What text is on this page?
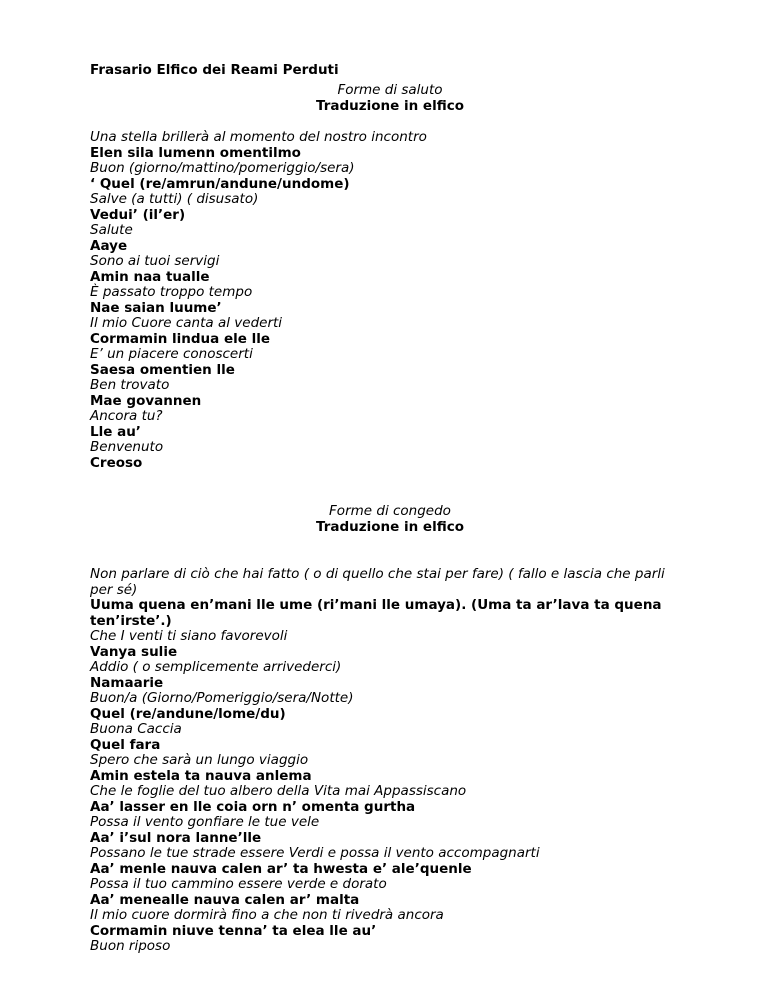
Frasario Elfico dei Reami Perduti
Forme di saluto
Traduzione in elfico
Una stella brillerà al momento del nostro incontro
Elen sila lumenn omentilmo
Buon (giorno/mattino/pomeriggio/sera)
‘ Quel (re/amrun/andune/undome)
Salve (a tutti) ( disusato)
Vedui’ (il’er)
Salute
Aaye
Sono ai tuoi servigi
Amin naa tualle
È passato troppo tempo
Nae saian luume’
Il mio Cuore canta al vederti
Cormamin lindua ele lle
E’ un piacere conoscerti
Saesa omentien lle
Ben trovato
Mae govannen
Ancora tu?
Lle au’
Benvenuto
Creoso
Forme di congedo
Traduzione in elfico
Non parlare di ciò che hai fatto ( o di quello che stai per fare) ( fallo e lascia che parli per sé)
Uuma quena en’mani lle ume (ri’mani lle umaya). (Uma ta ar’lava ta quena ten’irste’.)
Che I venti ti siano favorevoli
Vanya sulie
Addio ( o semplicemente arrivederci)
Namaarie
Buon/a (Giorno/Pomeriggio/sera/Notte)
Quel (re/andune/lome/du)
Buona Caccia
Quel fara
Spero che sarà un lungo viaggio
Amin estela ta nauva anlema
Che le foglie del tuo albero della Vita mai Appassiscano
Aa’ lasser en lle coia orn n’ omenta gurtha
Possa il vento gonfiare le tue vele
Aa’ i’sul nora lanne’lle
Possano le tue strade essere Verdi e possa il vento accompagnarti
Aa’ menle nauva calen ar’ ta hwesta e’ ale’quenle
Possa il tuo cammino essere verde e dorato
Aa’ menealle nauva calen ar’ malta
Il mio cuore dormirà fino a che non ti rivedrà ancora
Cormamin niuve tenna’ ta elea lle au’
Buon riposo
